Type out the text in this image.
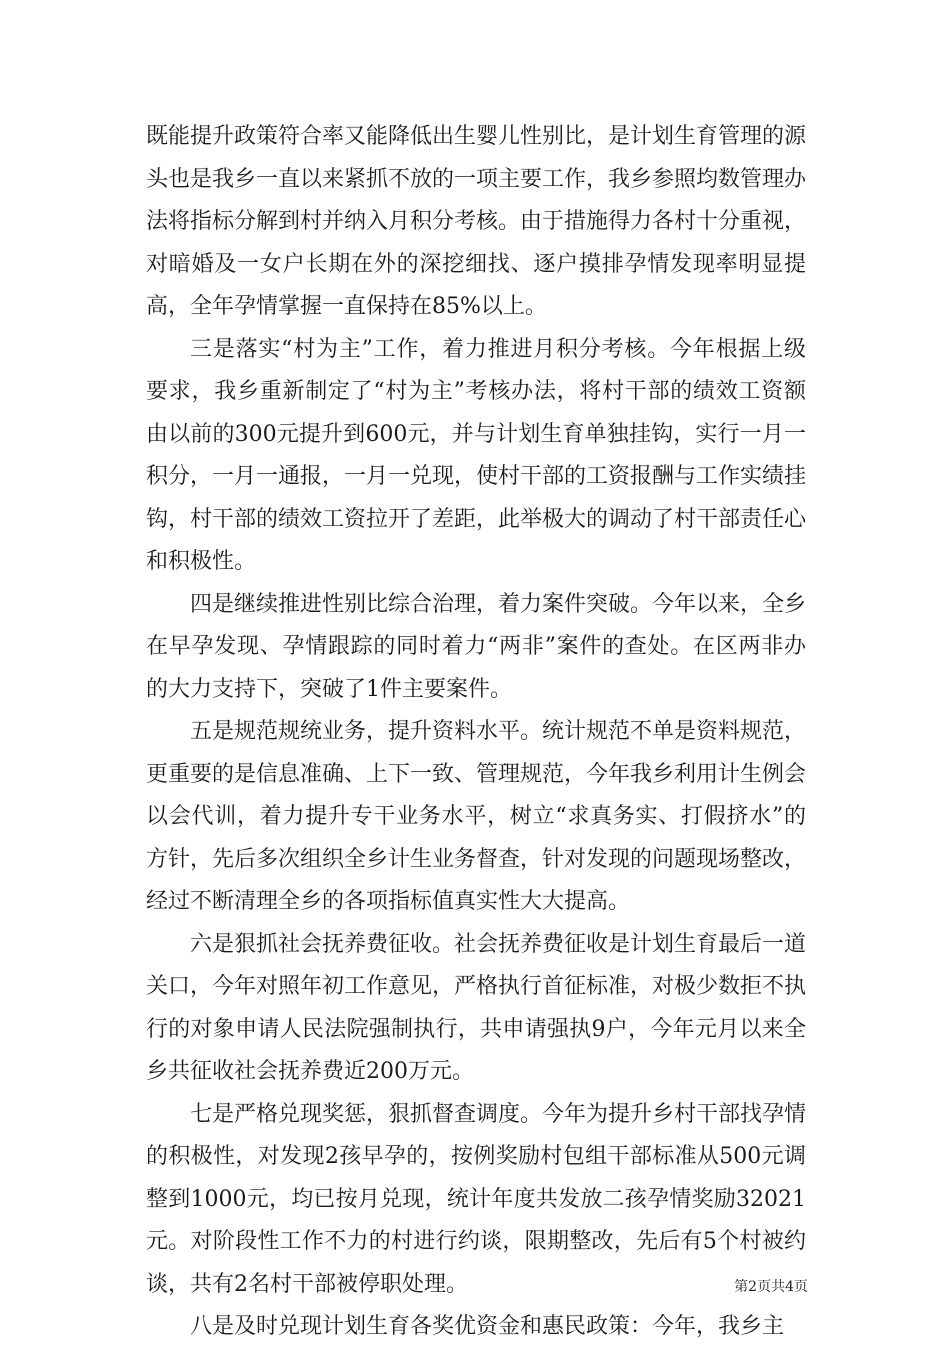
既能提升政策符合率又能降低出生婴儿性别比，是计划生育管理的源头也是我乡一直以来紧抓不放的一项主要工作，我乡参照均数管理办法将指标分解到村并纳入月积分考核。由于措施得力各村十分重视，对暗婚及一女户长期在外的深挖细找、逐户摸排孕情发现率明显提高，全年孕情掌握一直保持在85%以上。

三是落实“村为主”工作，着力推进月积分考核。今年根据上级要求，我乡重新制定了“村为主”考核办法，将村干部的绩效工资额由以前的300元提升到600元，并与计划生育单独挂钩，实行一月一积分，一月一通报，一月一兑现，使村干部的工资报酬与工作实绩挂钩，村干部的绩效工资拉开了差距，此举极大的调动了村干部责任心和积极性。

四是继续推进性别比综合治理，着力案件突破。今年以来，全乡在早孕发现、孕情跟踪的同时着力“两非”案件的查处。在区两非办的大力支持下，突破了1件主要案件。

五是规范规统业务，提升资料水平。统计规范不单是资料规范，更重要的是信息准确、上下一致、管理规范，今年我乡利用计生例会以会代训，着力提升专干业务水平，树立“求真务实、打假挤水”的方针，先后多次组织全乡计生业务督查，针对发现的问题现场整改，经过不断清理全乡的各项指标值真实性大大提高。

六是狠抓社会抚养费征收。社会抚养费征收是计划生育最后一道关口，今年对照年初工作意见，严格执行首征标准，对极少数拒不执行的对象申请人民法院强制执行，共申请强执9户，今年元月以来全乡共征收社会抚养费近200万元。

七是严格兑现奖惩，狠抓督查调度。今年为提升乡村干部找孕情的积极性，对发现2孩早孕的，按例奖励村包组干部标准从500元调整到1000元，均已按月兑现，统计年度共发放二孩孕情奖励32021元。对阶段性工作不力的村进行约谈，限期整改，先后有5个村被约谈，共有2名村干部被停职处理。

八是及时兑现计划生育各奖优资金和惠民政策：今年，我乡主

第2页共4页
